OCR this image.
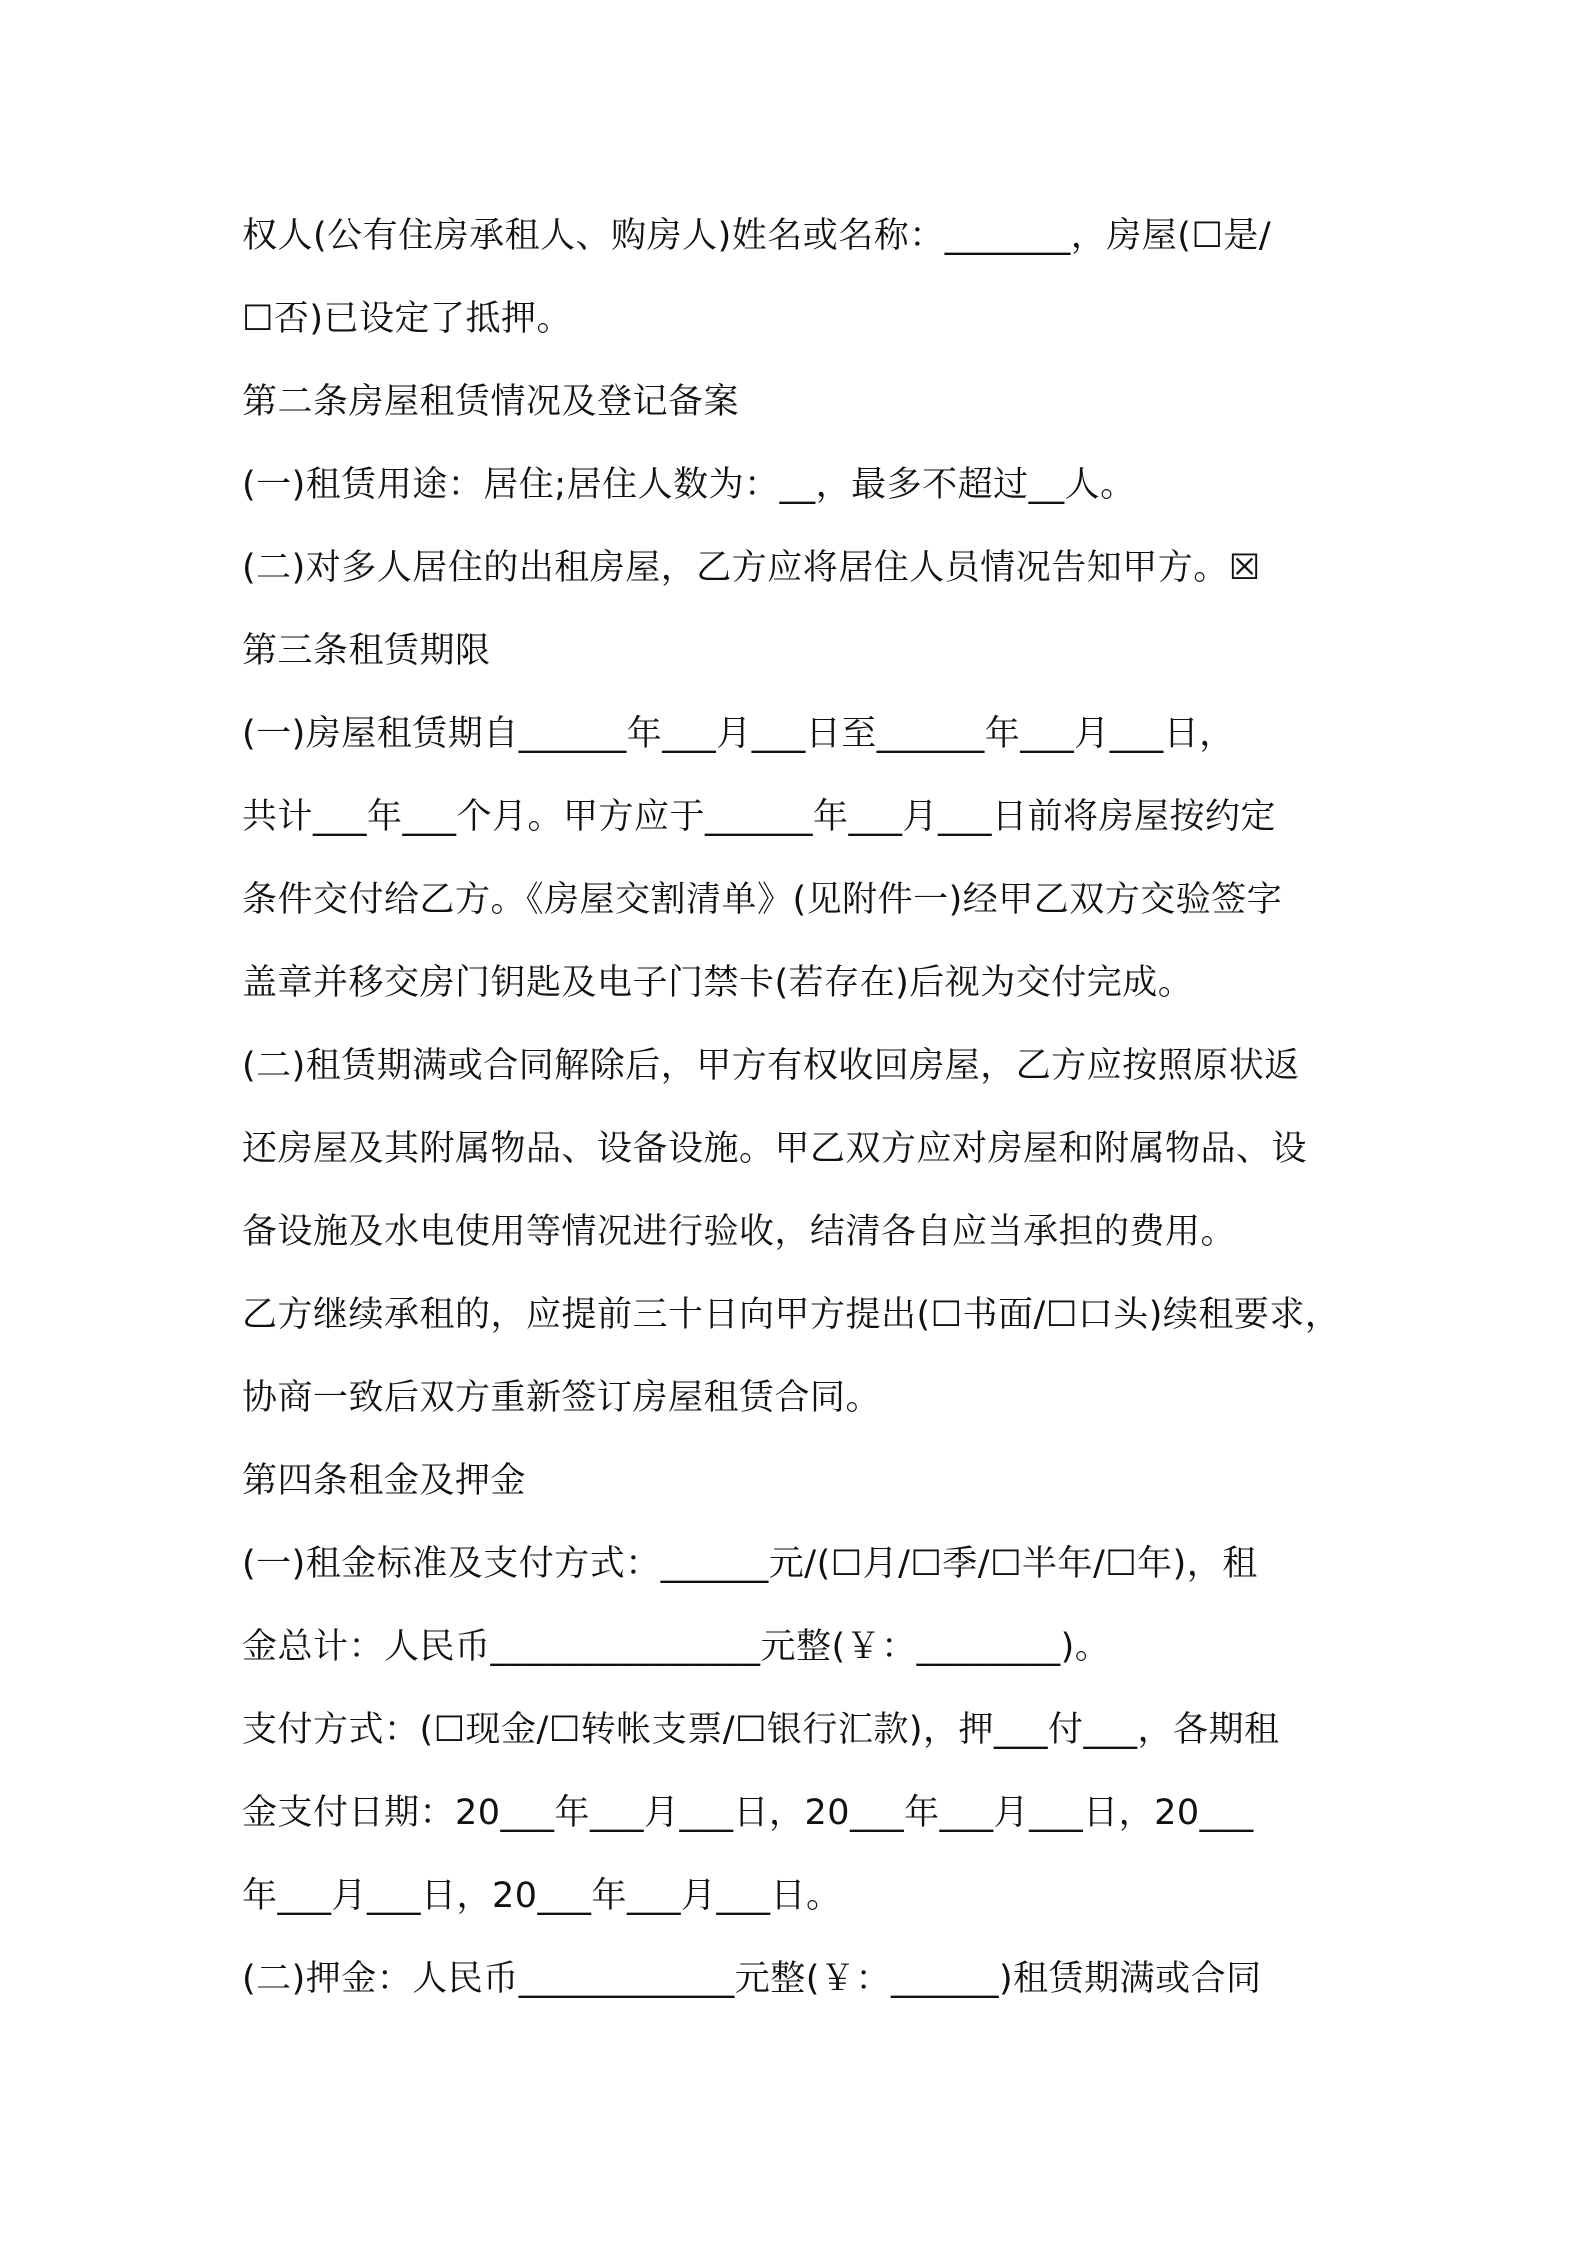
权人(公有住房承租人、购房人)姓名或名称：_______，房屋(☐是/
☐否)已设定了抵押。
第二条房屋租赁情况及登记备案
(一)租赁用途：居住;居住人数为：__，最多不超过__人。
(二)对多人居住的出租房屋，乙方应将居住人员情况告知甲方。☒
第三条租赁期限
(一)房屋租赁期自______年___月___日至______年___月___日，
共计___年___个月。甲方应于______年___月___日前将房屋按约定
条件交付给乙方。《房屋交割清单》(见附件一)经甲乙双方交验签字
盖章并移交房门钥匙及电子门禁卡(若存在)后视为交付完成。
(二)租赁期满或合同解除后，甲方有权收回房屋，乙方应按照原状返
还房屋及其附属物品、设备设施。甲乙双方应对房屋和附属物品、设
备设施及水电使用等情况进行验收，结清各自应当承担的费用。
乙方继续承租的，应提前三十日向甲方提出(☐书面/☐口头)续租要求，
协商一致后双方重新签订房屋租赁合同。
第四条租金及押金
(一)租金标准及支付方式：______元/(☐月/☐季/☐半年/☐年)，租
金总计：人民币_______________元整(￥：________)。
支付方式：(☐现金/☐转帐支票/☐银行汇款)，押___付___，各期租
金支付日期：20___年___月___日，20___年___月___日，20___
年___月___日，20___年___月___日。
(二)押金：人民币____________元整(￥：______)租赁期满或合同
